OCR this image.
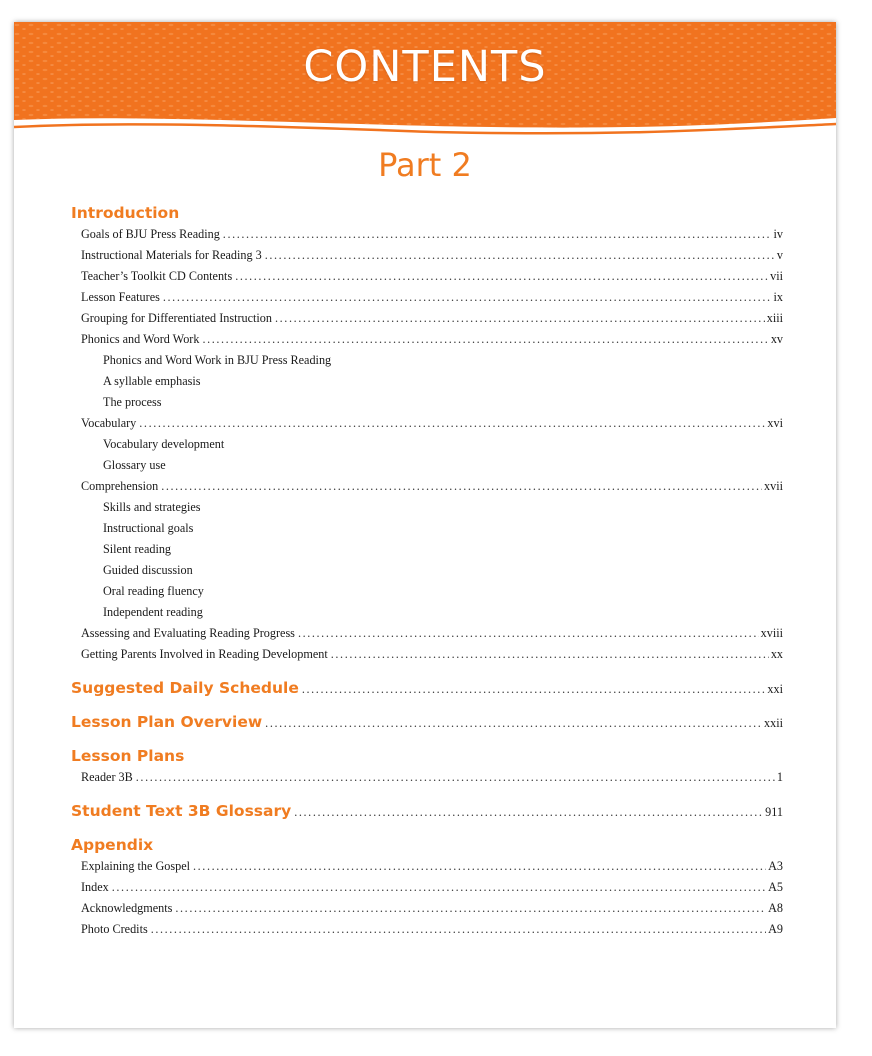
CONTENTS
Part 2
Introduction
Goals of BJU Press Reading .....	iv
Instructional Materials for Reading 3 .....	v
Teacher’s Toolkit CD Contents .....	vii
Lesson Features .....	ix
Grouping for Differentiated Instruction .....	xiii
Phonics and Word Work .....	xv
Phonics and Word Work in BJU Press Reading
A syllable emphasis
The process
Vocabulary .....	xvi
Vocabulary development
Glossary use
Comprehension .....	xvii
Skills and strategies
Instructional goals
Silent reading
Guided discussion
Oral reading fluency
Independent reading
Assessing and Evaluating Reading Progress .....	xviii
Getting Parents Involved in Reading Development .....	xx
Suggested Daily Schedule .....	xxi
Lesson Plan Overview .....	xxii
Lesson Plans
Reader 3B .....	1
Student Text 3B Glossary .....	911
Appendix
Explaining the Gospel .....	A3
Index .....	A5
Acknowledgments .....	A8
Photo Credits .....	A9
